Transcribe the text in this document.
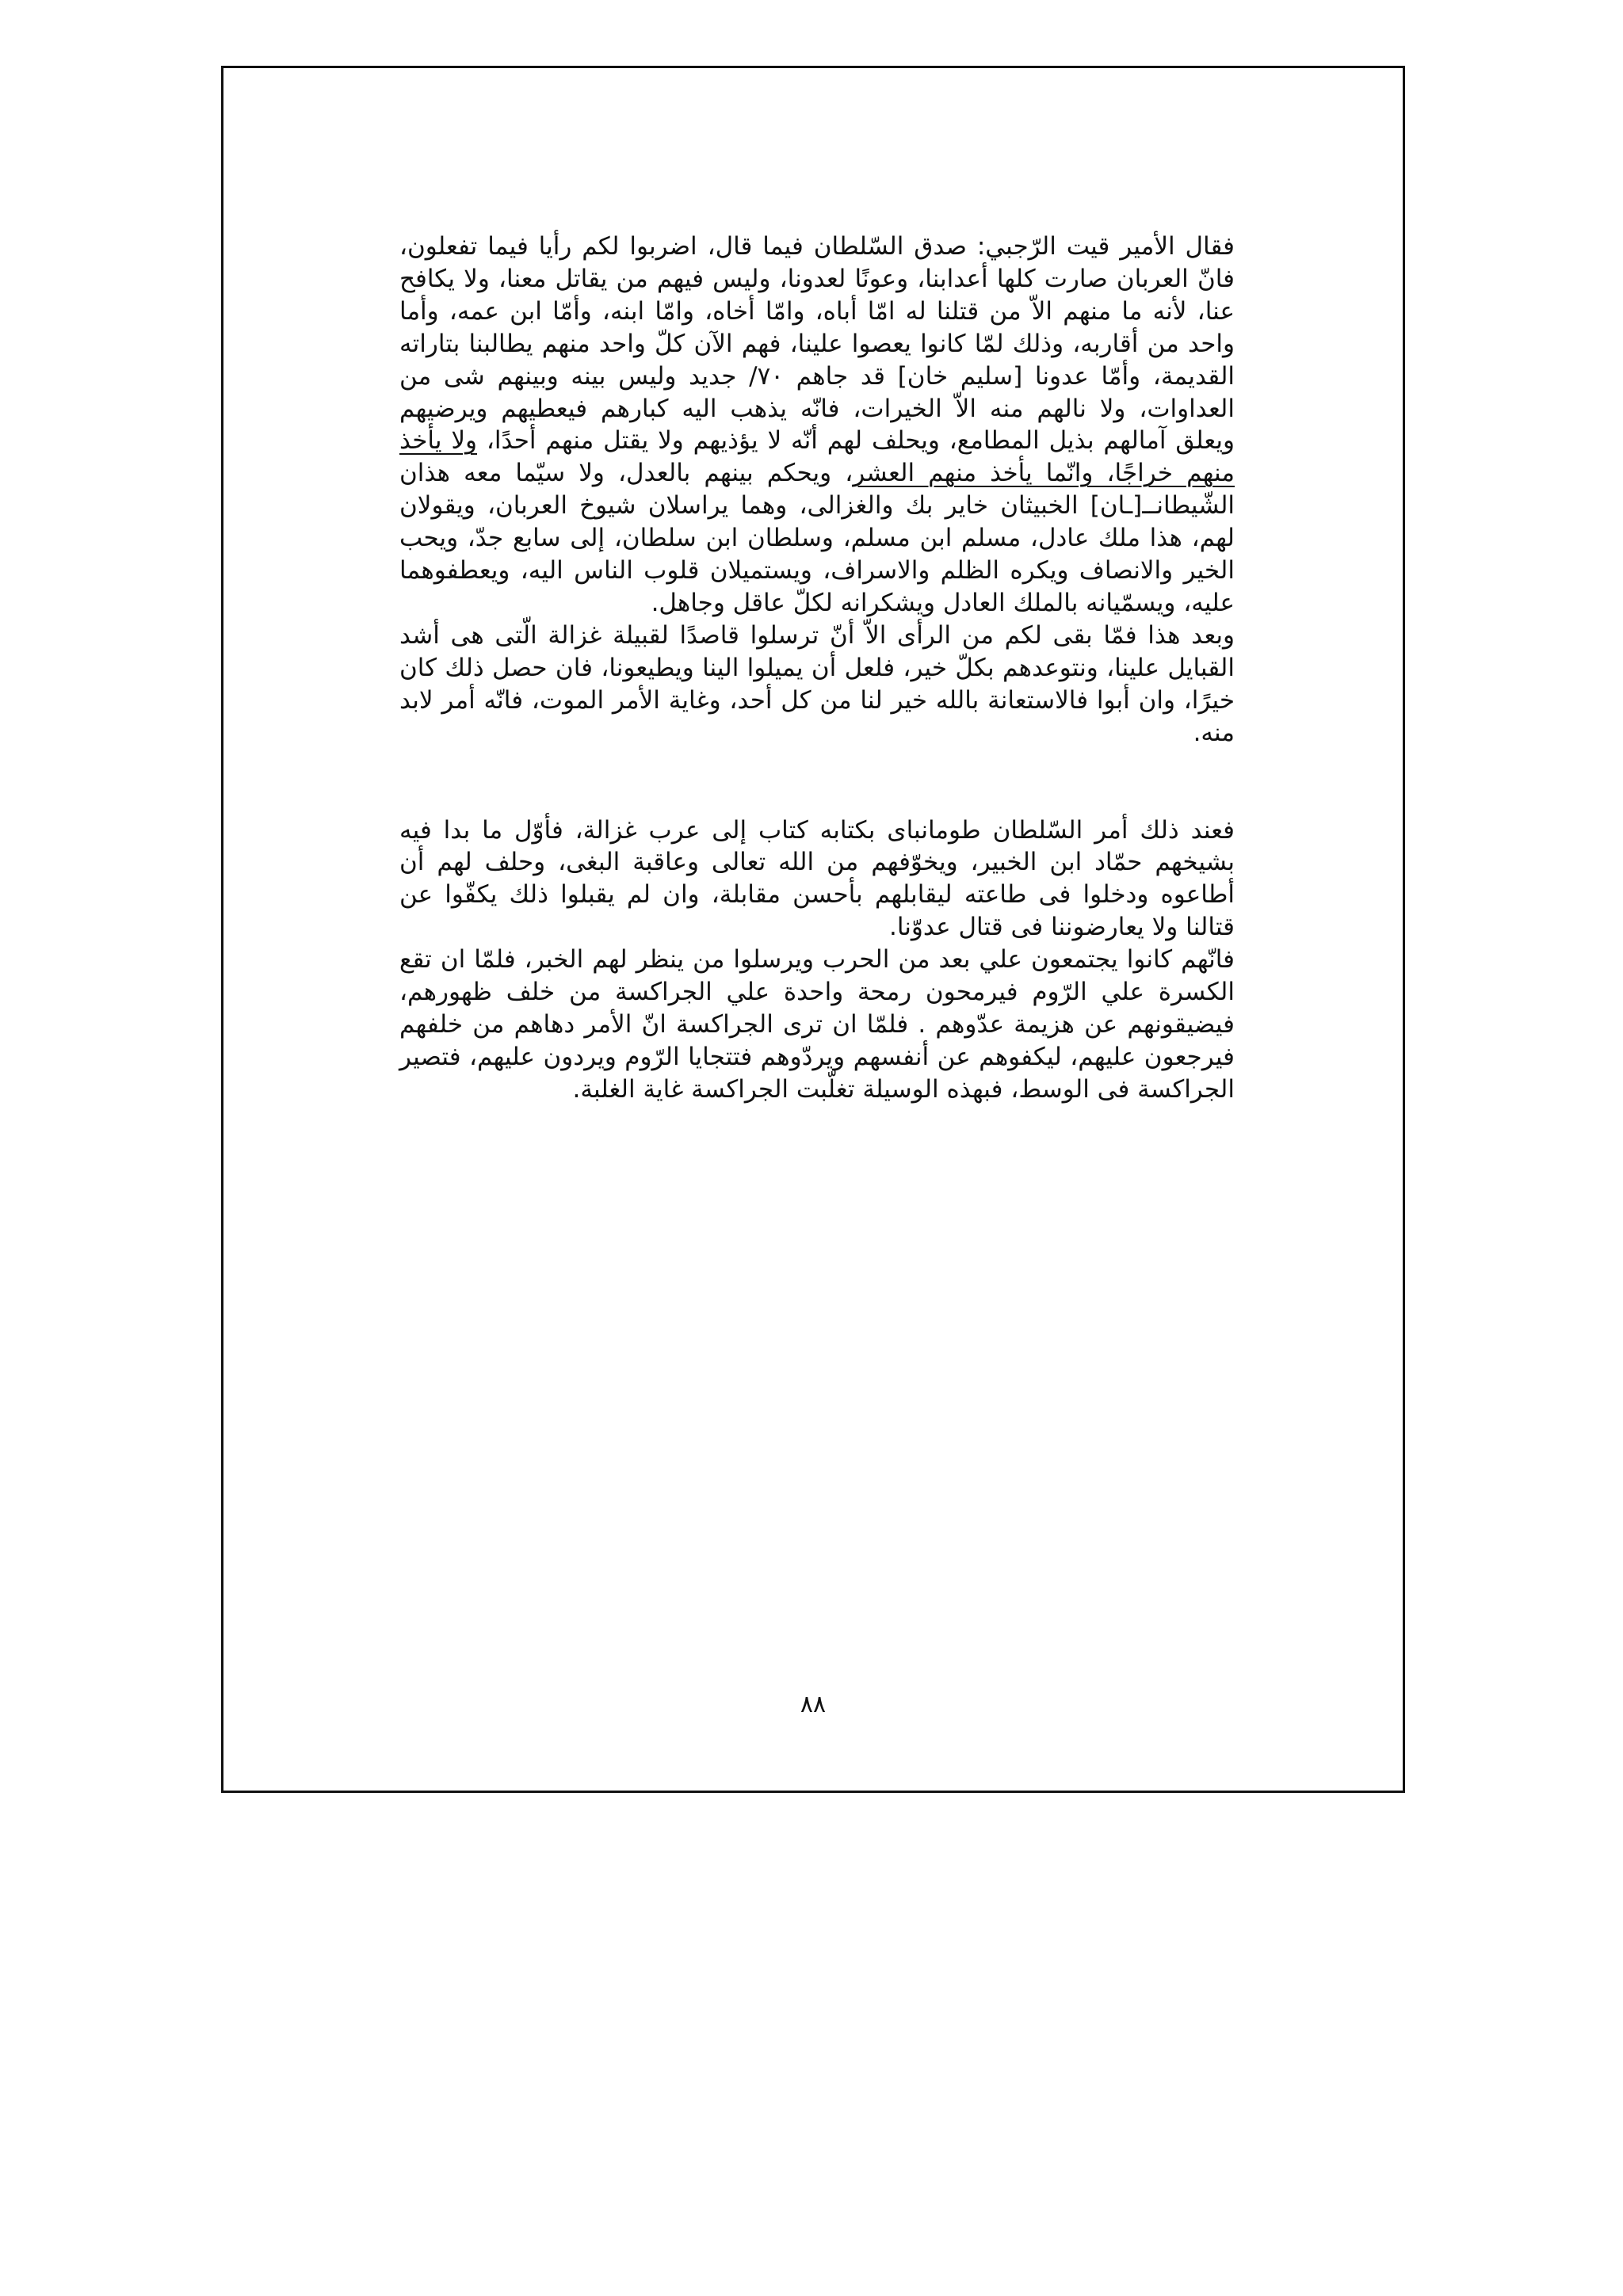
فقال الأمير قيت الرّجبي: صدق السّلطان فيما قال، اضربوا لكم رأيا فيما تفعلون، فانّ العربان صارت كلها أعدابنا، وعونًا لعدونا، وليس فيهم من يقاتل معنا، ولا يكافح عنا، لأنه ما منهم الاّ من قتلنا له امّا أباه، وامّا أخاه، وامّا ابنه، وأمّا ابن عمه، وأما واحد من أقاربه، وذلك لمّا كانوا يعصوا علينا، فهم الآن كلّ واحد منهم يطالبنا بتاراته القديمة، وأمّا عدونا [سليم خان] قد جاهم ٧٠/ جديد وليس بينه وبينهم شى من العداوات، ولا نالهم منه الاّ الخيرات، فانّه يذهب اليه كبارهم فيعطيهم ويرضيهم ويعلق آمالهم بذيل المطامع، ويحلف لهم أنّه لا يؤذيهم ولا يقتل منهم أحدًا، ولا يأخذ منهم خراجًا، وانّما يأخذ منهم العشر، ويحكم بينهم بالعدل، ولا سيّما معه هذان الشّيطانــ[ـان] الخبيثان خاير بك والغزالى، وهما يراسلان شيوخ العربان، ويقولان لهم، هذا ملك عادل، مسلم ابن مسلم، وسلطان ابن سلطان، إلى سابع جدّ، ويحب الخير والانصاف ويكره الظلم والاسراف، ويستميلان قلوب الناس اليه، ويعطفوهما عليه، ويسمّيانه بالملك العادل ويشكرانه لكلّ عاقل وجاهل.

وبعد هذا فمّا بقى لكم من الرأى الاّ أنّ ترسلوا قاصدًا لقبيلة غزالة الّتى هى أشد القبايل علينا، ونتوعدهم بكلّ خير، فلعل أن يميلوا الينا ويطيعونا، فان حصل ذلك كان خيرًا، وان أبوا فالاستعانة بالله خير لنا من كل أحد، وغاية الأمر الموت، فانّه أمر لابد منه.

فعند ذلك أمر السّلطان طومانباى بكتابه كتاب إلى عرب غزالة، فأوّل ما بدا فيه بشيخهم حمّاد ابن الخبير، ويخوّفهم من الله تعالى وعاقبة البغى، وحلف لهم أن أطاعوه ودخلوا فى طاعته ليقابلهم بأحسن مقابلة، وان لم يقبلوا ذلك يكفّوا عن قتالنا ولا يعارضوننا فى قتال عدوّنا.

فانّهم كانوا يجتمعون علي بعد من الحرب ويرسلوا من ينظر لهم الخبر، فلمّا ان تقع الكسرة علي الرّوم فيرمحون رمحة واحدة علي الجراكسة من خلف ظهورهم، فيضيقونهم عن هزيمة عدّوهم . فلمّا ان ترى الجراكسة انّ الأمر دهاهم من خلفهم فيرجعون عليهم، ليكفوهم عن أنفسهم ويردّوهم فتتجايا الرّوم ويردون عليهم، فتصير الجراكسة فى الوسط، فبهذه الوسيلة تغلّبت الجراكسة غاية الغلبة.

٨٨
